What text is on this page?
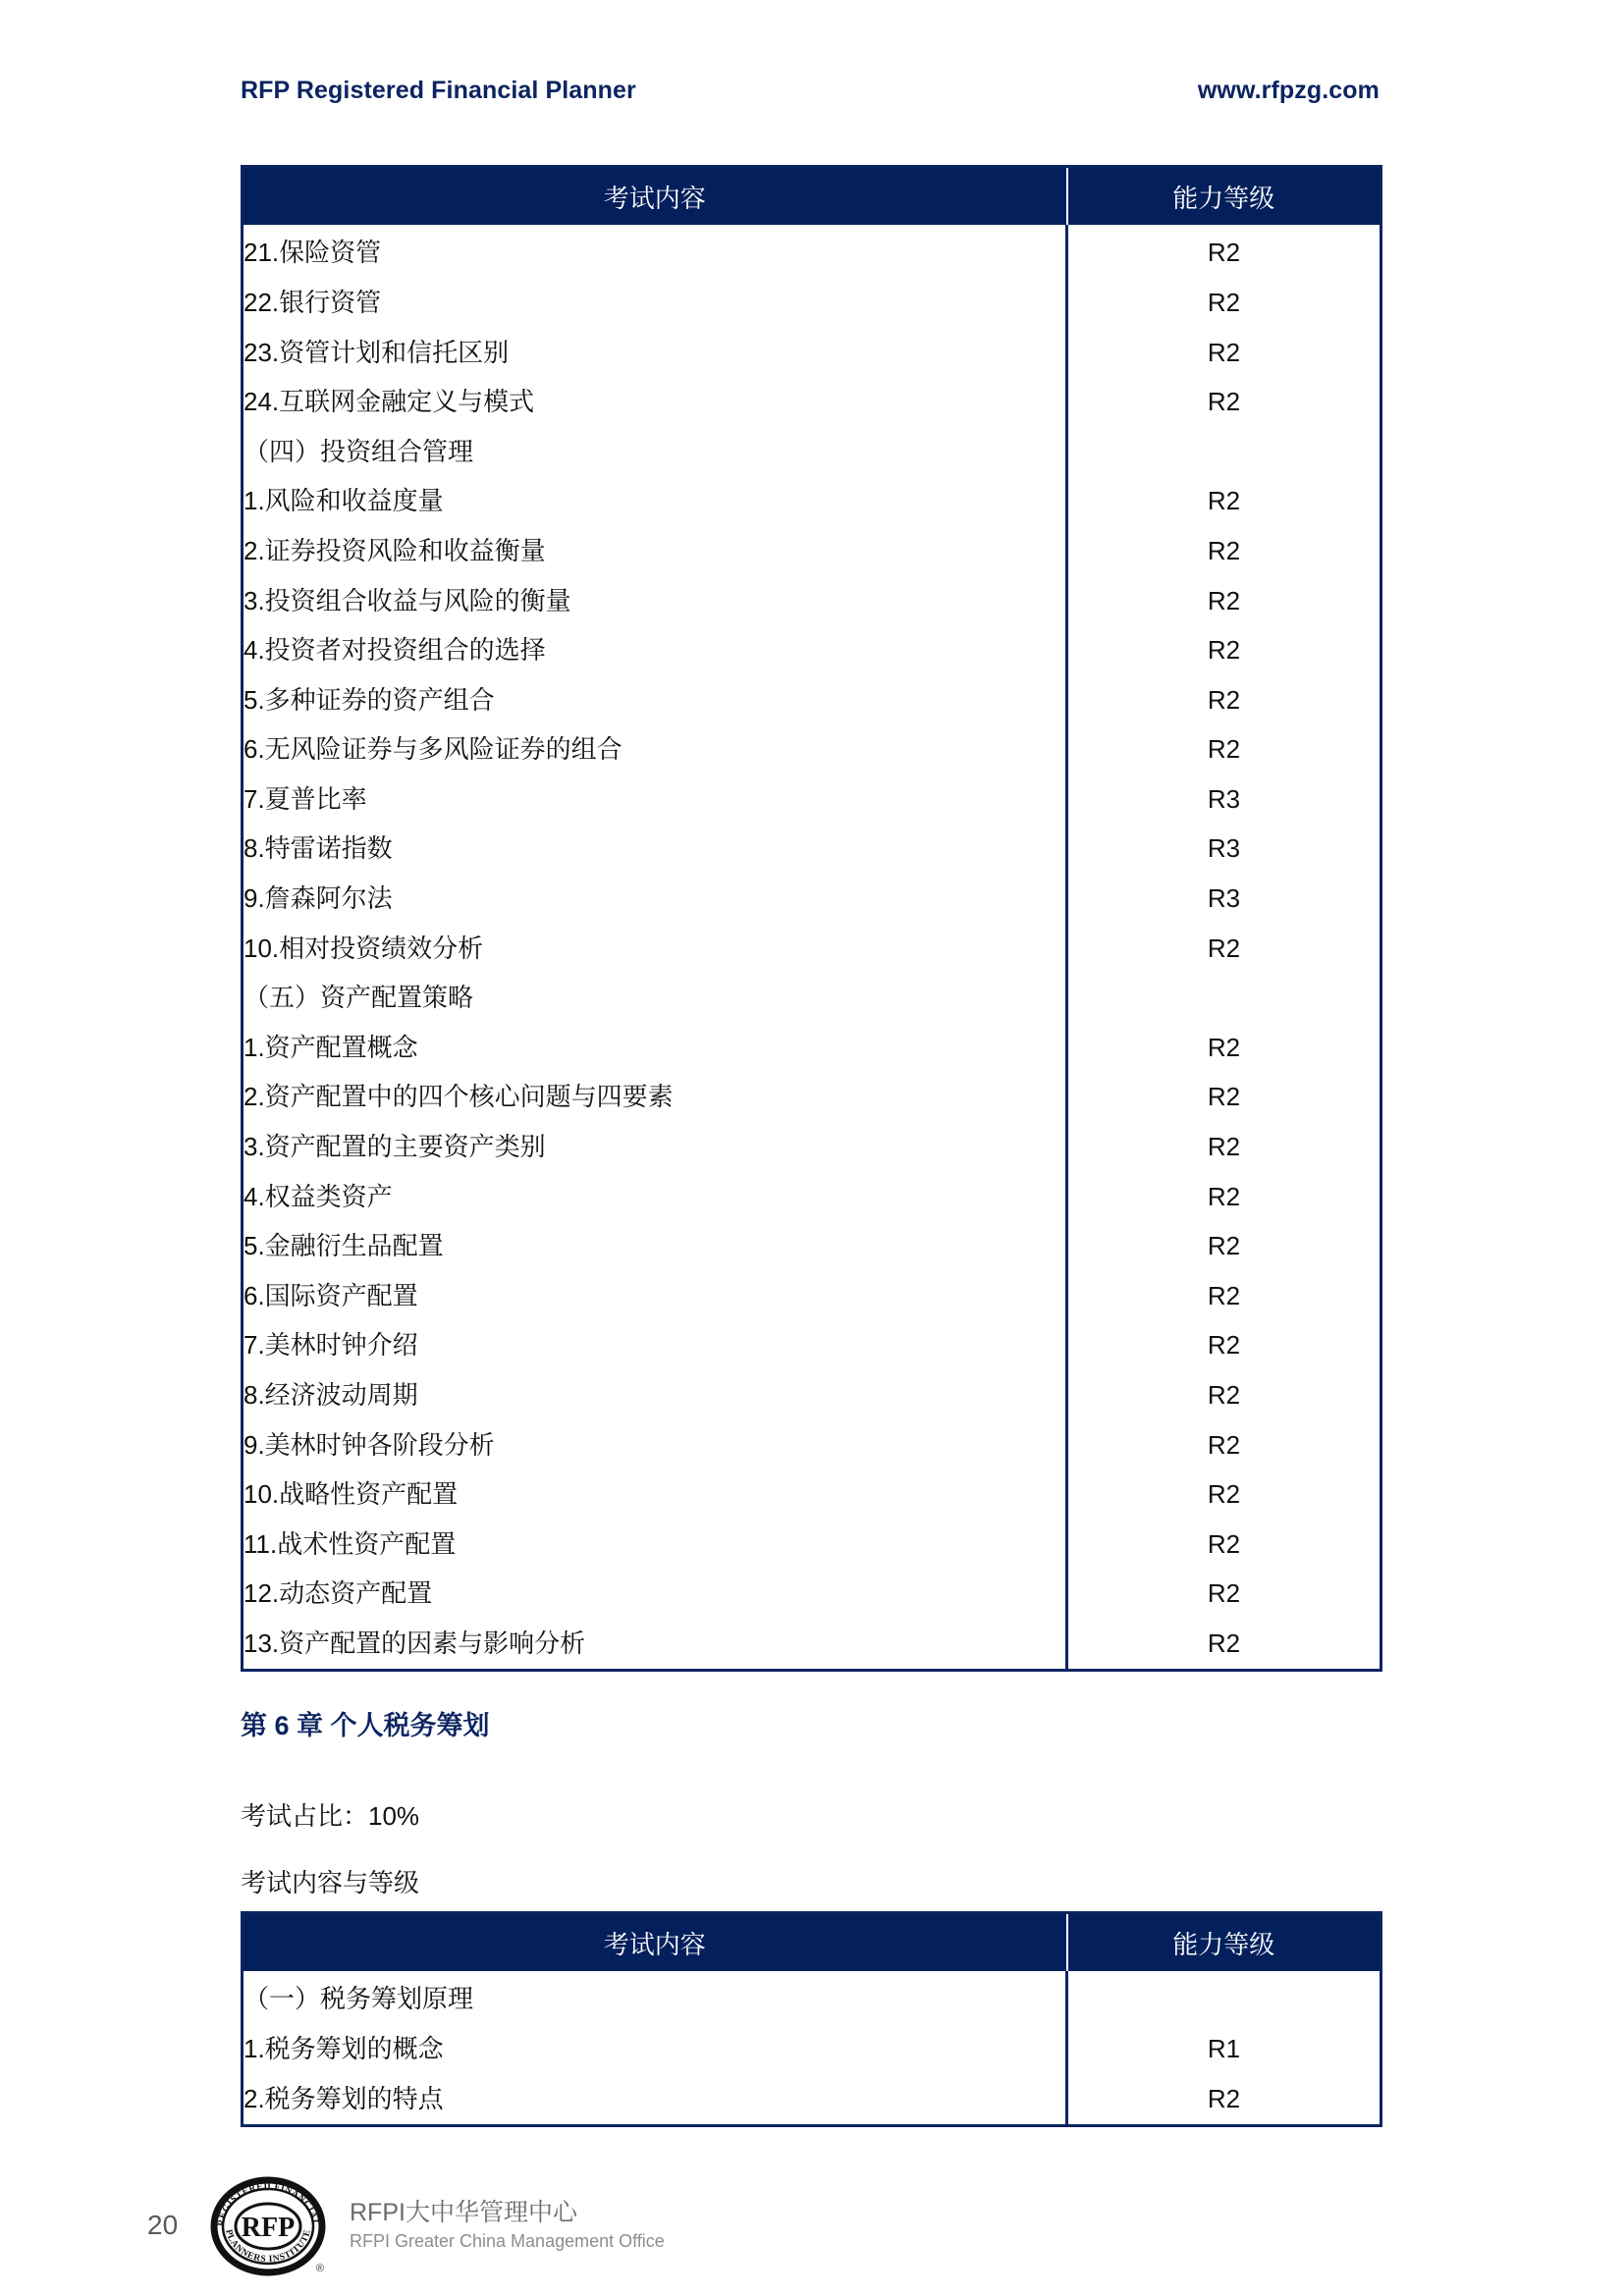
RFP Registered Financial Planner	www.rfpzg.com
考试内容	能力等级
21.保险资管	R2
22.银行资管	R2
23.资管计划和信托区别	R2
24.互联网金融定义与模式	R2
（四）投资组合管理	
1.风险和收益度量	R2
2.证券投资风险和收益衡量	R2
3.投资组合收益与风险的衡量	R2
4.投资者对投资组合的选择	R2
5.多种证券的资产组合	R2
6.无风险证券与多风险证券的组合	R2
7.夏普比率	R3
8.特雷诺指数	R3
9.詹森阿尔法	R3
10.相对投资绩效分析	R2
（五）资产配置策略	
1.资产配置概念	R2
2.资产配置中的四个核心问题与四要素	R2
3.资产配置的主要资产类别	R2
4.权益类资产	R2
5.金融衍生品配置	R2
6.国际资产配置	R2
7.美林时钟介绍	R2
8.经济波动周期	R2
9.美林时钟各阶段分析	R2
10.战略性资产配置	R2
11.战术性资产配置	R2
12.动态资产配置	R2
13.资产配置的因素与影响分析	R2
第 6 章 个人税务筹划
考试占比：10%
考试内容与等级
考试内容	能力等级
（一）税务筹划原理	
1.税务筹划的概念	R1
2.税务筹划的特点	R2
20	REGISTERED FINANCIAL
PLANNERS INSTITUTE
RFP
®
RFPI大中华管理中心
RFPI Greater China Management Office
